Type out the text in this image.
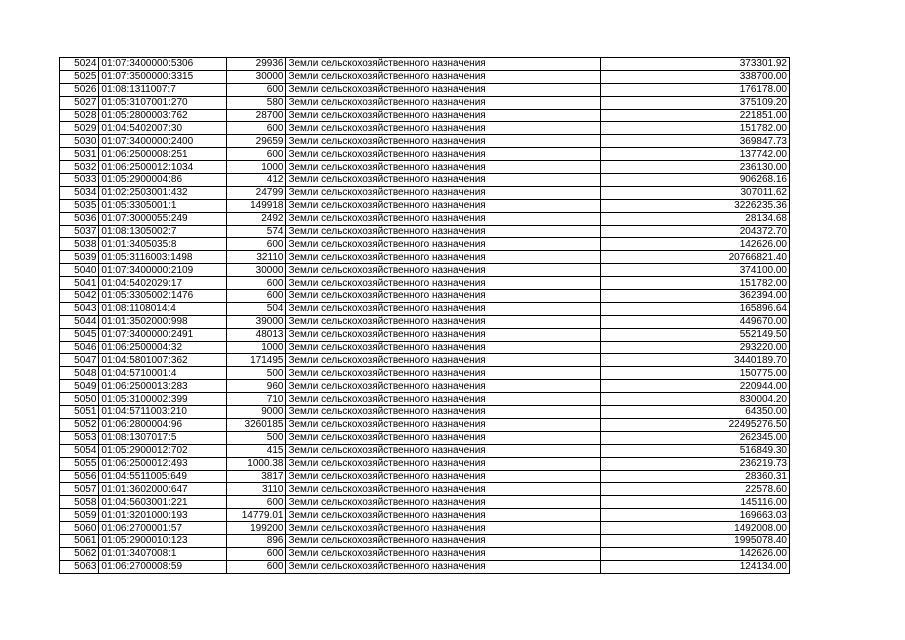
5024	01:07:3400000:5306	29936	Земли сельскохозяйственного назначения	373301.92
5025	01:07:3500000:3315	30000	Земли сельскохозяйственного назначения	338700.00
5026	01:08:1311007:7	600	Земли сельскохозяйственного назначения	176178.00
5027	01:05:3107001:270	580	Земли сельскохозяйственного назначения	375109.20
5028	01:05:2800003:762	28700	Земли сельскохозяйственного назначения	221851.00
5029	01:04:5402007:30	600	Земли сельскохозяйственного назначения	151782.00
5030	01:07:3400000:2400	29659	Земли сельскохозяйственного назначения	369847.73
5031	01:06:2500008:251	600	Земли сельскохозяйственного назначения	137742.00
5032	01:06:2500012:1034	1000	Земли сельскохозяйственного назначения	236130.00
5033	01:05:2900004:86	412	Земли сельскохозяйственного назначения	906268.16
5034	01:02:2503001:432	24799	Земли сельскохозяйственного назначения	307011.62
5035	01:05:3305001:1	149918	Земли сельскохозяйственного назначения	3226235.36
5036	01:07:3000055:249	2492	Земли сельскохозяйственного назначения	28134.68
5037	01:08:1305002:7	574	Земли сельскохозяйственного назначения	204372.70
5038	01:01:3405035:8	600	Земли сельскохозяйственного назначения	142626.00
5039	01:05:3116003:1498	32110	Земли сельскохозяйственного назначения	20766821.40
5040	01:07:3400000:2109	30000	Земли сельскохозяйственного назначения	374100.00
5041	01:04:5402029:17	600	Земли сельскохозяйственного назначения	151782.00
5042	01:05:3305002:1476	600	Земли сельскохозяйственного назначения	362394.00
5043	01:08:1108014:4	504	Земли сельскохозяйственного назначения	165896.64
5044	01:01:3502000:998	39000	Земли сельскохозяйственного назначения	449670.00
5045	01:07:3400000:2491	48013	Земли сельскохозяйственного назначения	552149.50
5046	01:06:2500004:32	1000	Земли сельскохозяйственного назначения	293220.00
5047	01:04:5801007:362	171495	Земли сельскохозяйственного назначения	3440189.70
5048	01:04:5710001:4	500	Земли сельскохозяйственного назначения	150775.00
5049	01:06:2500013:283	960	Земли сельскохозяйственного назначения	220944.00
5050	01:05:3100002:399	710	Земли сельскохозяйственного назначения	830004.20
5051	01:04:5711003:210	9000	Земли сельскохозяйственного назначения	64350.00
5052	01:06:2800004:96	3260185	Земли сельскохозяйственного назначения	22495276.50
5053	01:08:1307017:5	500	Земли сельскохозяйственного назначения	262345.00
5054	01:05:2900012:702	415	Земли сельскохозяйственного назначения	516849.30
5055	01:06:2500012:493	1000.38	Земли сельскохозяйственного назначения	236219.73
5056	01:04:5511005:649	3817	Земли сельскохозяйственного назначения	28360.31
5057	01:01:3602000:647	3110	Земли сельскохозяйственного назначения	22578.60
5058	01:04:5603001:221	600	Земли сельскохозяйственного назначения	145116.00
5059	01:01:3201000:193	14779.01	Земли сельскохозяйственного назначения	169663.03
5060	01:06:2700001:57	199200	Земли сельскохозяйственного назначения	1492008.00
5061	01:05:2900010:123	896	Земли сельскохозяйственного назначения	1995078.40
5062	01:01:3407008:1	600	Земли сельскохозяйственного назначения	142626.00
5063	01:06:2700008:59	600	Земли сельскохозяйственного назначения	124134.00
